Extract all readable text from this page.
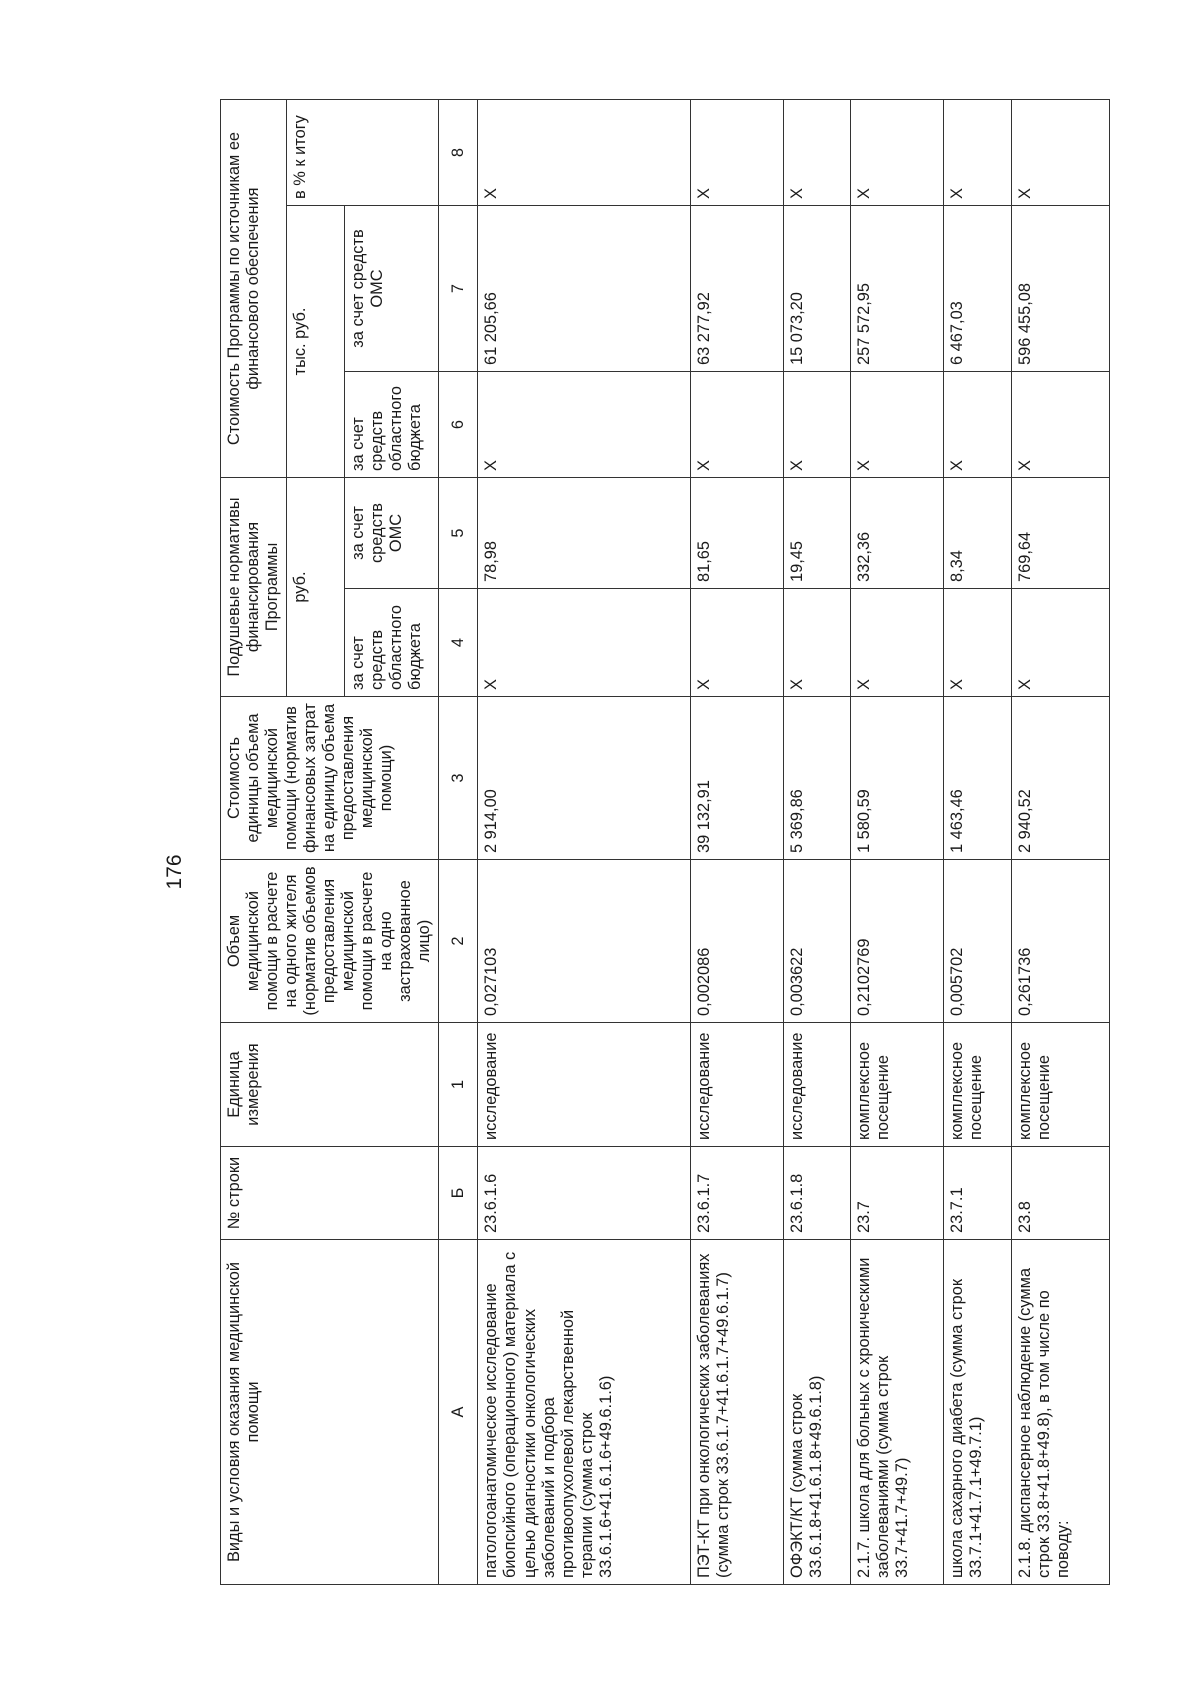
176
Виды и условия оказания медицинской помощи	№ строки	Единица измерения	Объем медицинской помощи в расчете на одного жителя (норматив объемов предоставления медицинской помощи в расчете на одно застрахованное лицо)	Стоимость единицы объема медицинской помощи (норматив финансовых затрат на единицу объема предоставления медицинской помощи)	Подушевые нормативы финансирования Программы		Стоимость Программы по источникам ее финансового обеспечения		
					руб.		тыс. руб.		в % к итогу
					за счет средств областного бюджета	за счет средств ОМС	за счет средств областного бюджета	за счет средств ОМС	
А	Б	1	2	3	4	5	6	7	8
патологоанатомическое исследование биопсийного (операционного) материала с целью диагностики онкологических заболеваний и подбора противоопухолевой лекарственной терапии (сумма строк 33.6.1.6+41.6.1.6+49.6.1.6)	23.6.1.6	исследование	0,027103	2 914,00	X	78,98	X	61 205,66	X
ПЭТ-КТ при онкологических заболеваниях (сумма строк 33.6.1.7+41.6.1.7+49.6.1.7)	23.6.1.7	исследование	0,002086	39 132,91	X	81,65	X	63 277,92	X
ОФЭКТ/КТ (сумма строк 33.6.1.8+41.6.1.8+49.6.1.8)	23.6.1.8	исследование	0,003622	5 369,86	X	19,45	X	15 073,20	X
2.1.7. школа для больных с хроническими заболеваниями (сумма строк 33.7+41.7+49.7)	23.7	комплексное посещение	0,2102769	1 580,59	X	332,36	X	257 572,95	X
школа сахарного диабета (сумма строк 33.7.1+41.7.1+49.7.1)	23.7.1	комплексное посещение	0,005702	1 463,46	X	8,34	X	6 467,03	X
2.1.8. диспансерное наблюдение (сумма строк 33.8+41.8+49.8), в том числе по поводу:	23.8	комплексное посещение	0,261736	2 940,52	X	769,64	X	596 455,08	X
